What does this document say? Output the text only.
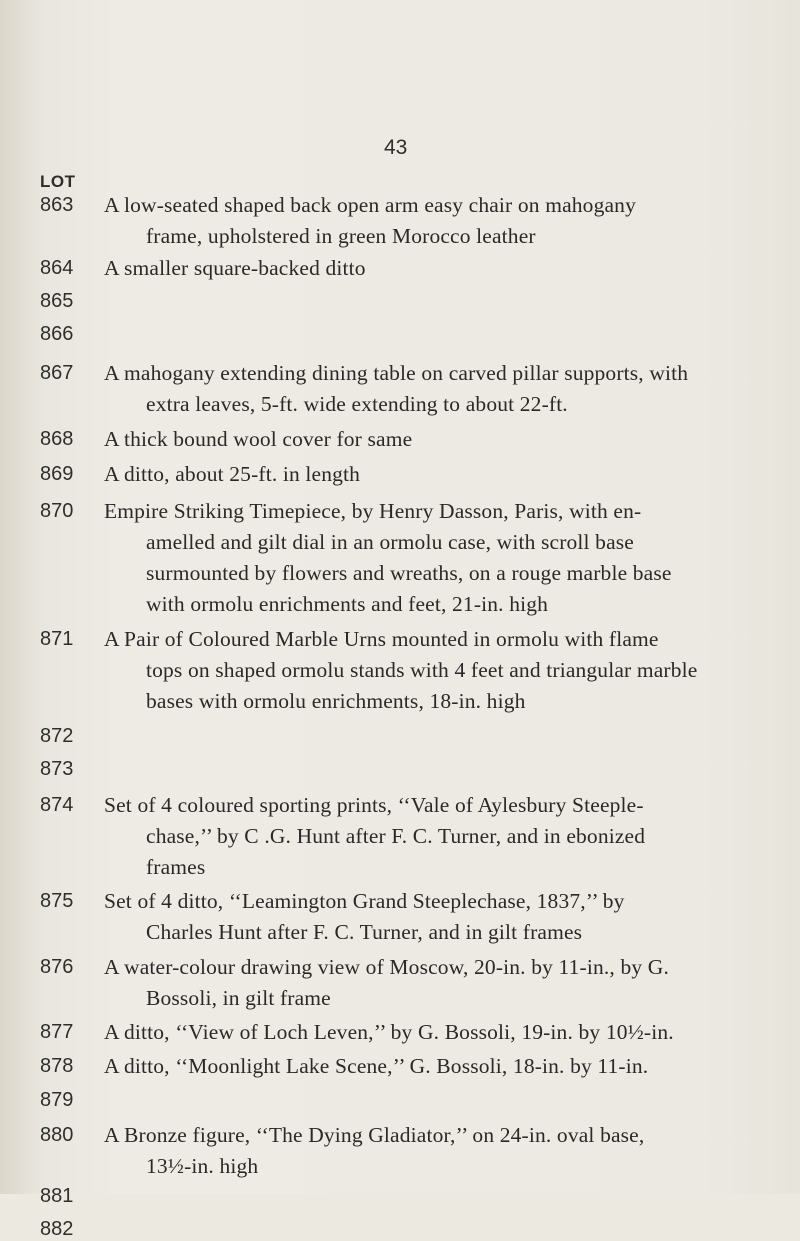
43
LOT
863
864
865
866
867
868
869
870
871
872
873
874
875
876
877
878
879
880
881
882
A low-seated shaped back open arm easy chair on mahogany
frame, upholstered in green Morocco leather
A smaller square-backed ditto
A mahogany extending dining table on carved pillar supports, with
extra leaves, 5-ft. wide extending to about 22-ft.
A thick bound wool cover for same
A ditto, about 25-ft. in length
Empire Striking Timepiece, by Henry Dasson, Paris, with en-
amelled and gilt dial in an ormolu case, with scroll base
surmounted by flowers and wreaths, on a rouge marble base
with ormolu enrichments and feet, 21-in. high
A Pair of Coloured Marble Urns mounted in ormolu with flame
tops on shaped ormolu stands with 4 feet and triangular marble
bases with ormolu enrichments, 18-in. high
Set of 4 coloured sporting prints, ‘‘Vale of Aylesbury Steeple-
chase,’’ by C .G. Hunt after F. C. Turner, and in ebonized
frames
Set of 4 ditto, ‘‘Leamington Grand Steeplechase, 1837,’’ by
Charles Hunt after F. C. Turner, and in gilt frames
A water-colour drawing view of Moscow, 20-in. by 11-in., by G.
Bossoli, in gilt frame
A ditto, ‘‘View of Loch Leven,’’ by G. Bossoli, 19-in. by 10½-in.
A ditto, ‘‘Moonlight Lake Scene,’’ G. Bossoli, 18-in. by 11-in.
A Bronze figure, ‘‘The Dying Gladiator,’’ on 24-in. oval base,
13½-in. high
